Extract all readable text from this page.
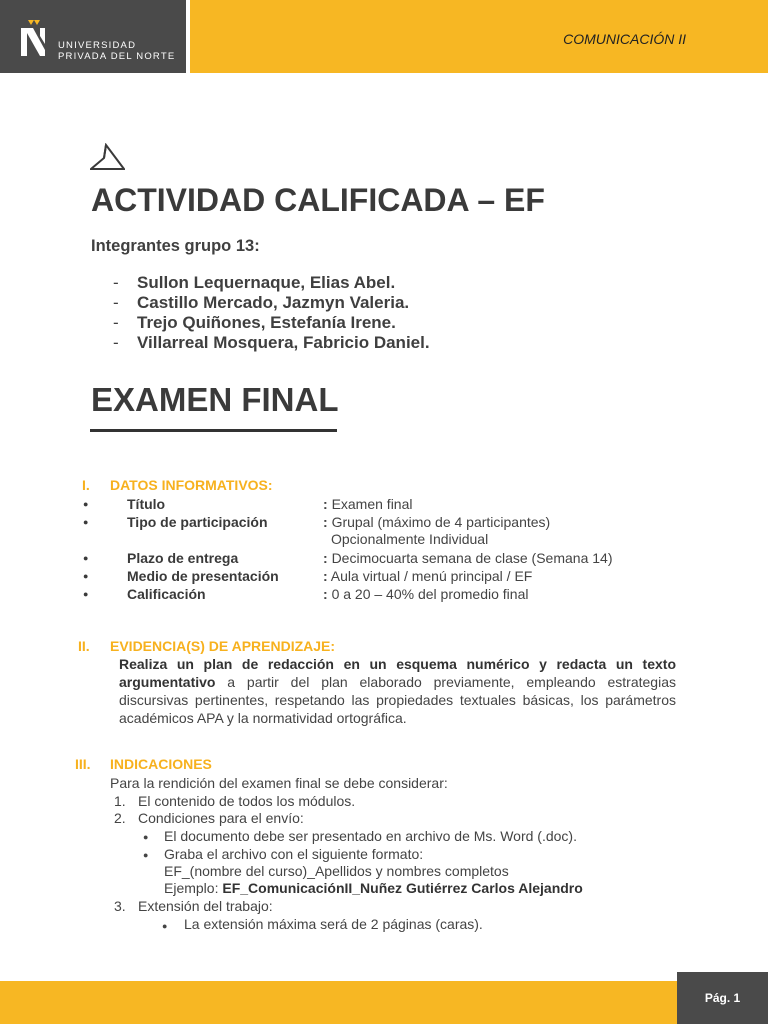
UNIVERSIDAD
PRIVADA DEL NORTE
COMUNICACIÓN II
ACTIVIDAD CALIFICADA – EF
Integrantes grupo 13:
- Sullon Lequernaque, Elias Abel.
- Castillo Mercado, Jazmyn Valeria.
- Trejo Quiñones, Estefanía Irene.
- Villarreal Mosquera, Fabricio Daniel.
EXAMEN FINAL
I. DATOS INFORMATIVOS:
●	Título	: Examen final
●	Tipo de participación	: Grupal (máximo de 4 participantes)
Opcionalmente Individual
●	Plazo de entrega	: Decimocuarta semana de clase (Semana 14)
●	Medio de presentación	: Aula virtual / menú principal / EF
●	Calificación	: 0 a 20 – 40% del promedio final
II. EVIDENCIA(S) DE APRENDIZAJE:
Realiza un plan de redacción en un esquema numérico y redacta un texto argumentativo a partir del plan elaborado previamente, empleando estrategias discursivas pertinentes, respetando las propiedades textuales básicas, los parámetros académicos APA y la normatividad ortográfica.
III. INDICACIONES
Para la rendición del examen final se debe considerar:
1. El contenido de todos los módulos.
2. Condiciones para el envío:
● El documento debe ser presentado en archivo de Ms. Word (.doc).
● Graba el archivo con el siguiente formato:
EF_(nombre del curso)_Apellidos y nombres completos
Ejemplo: EF_ComunicaciónII_Nuñez Gutiérrez Carlos Alejandro
3. Extensión del trabajo:
● La extensión máxima será de 2 páginas (caras).
Pág. 1
